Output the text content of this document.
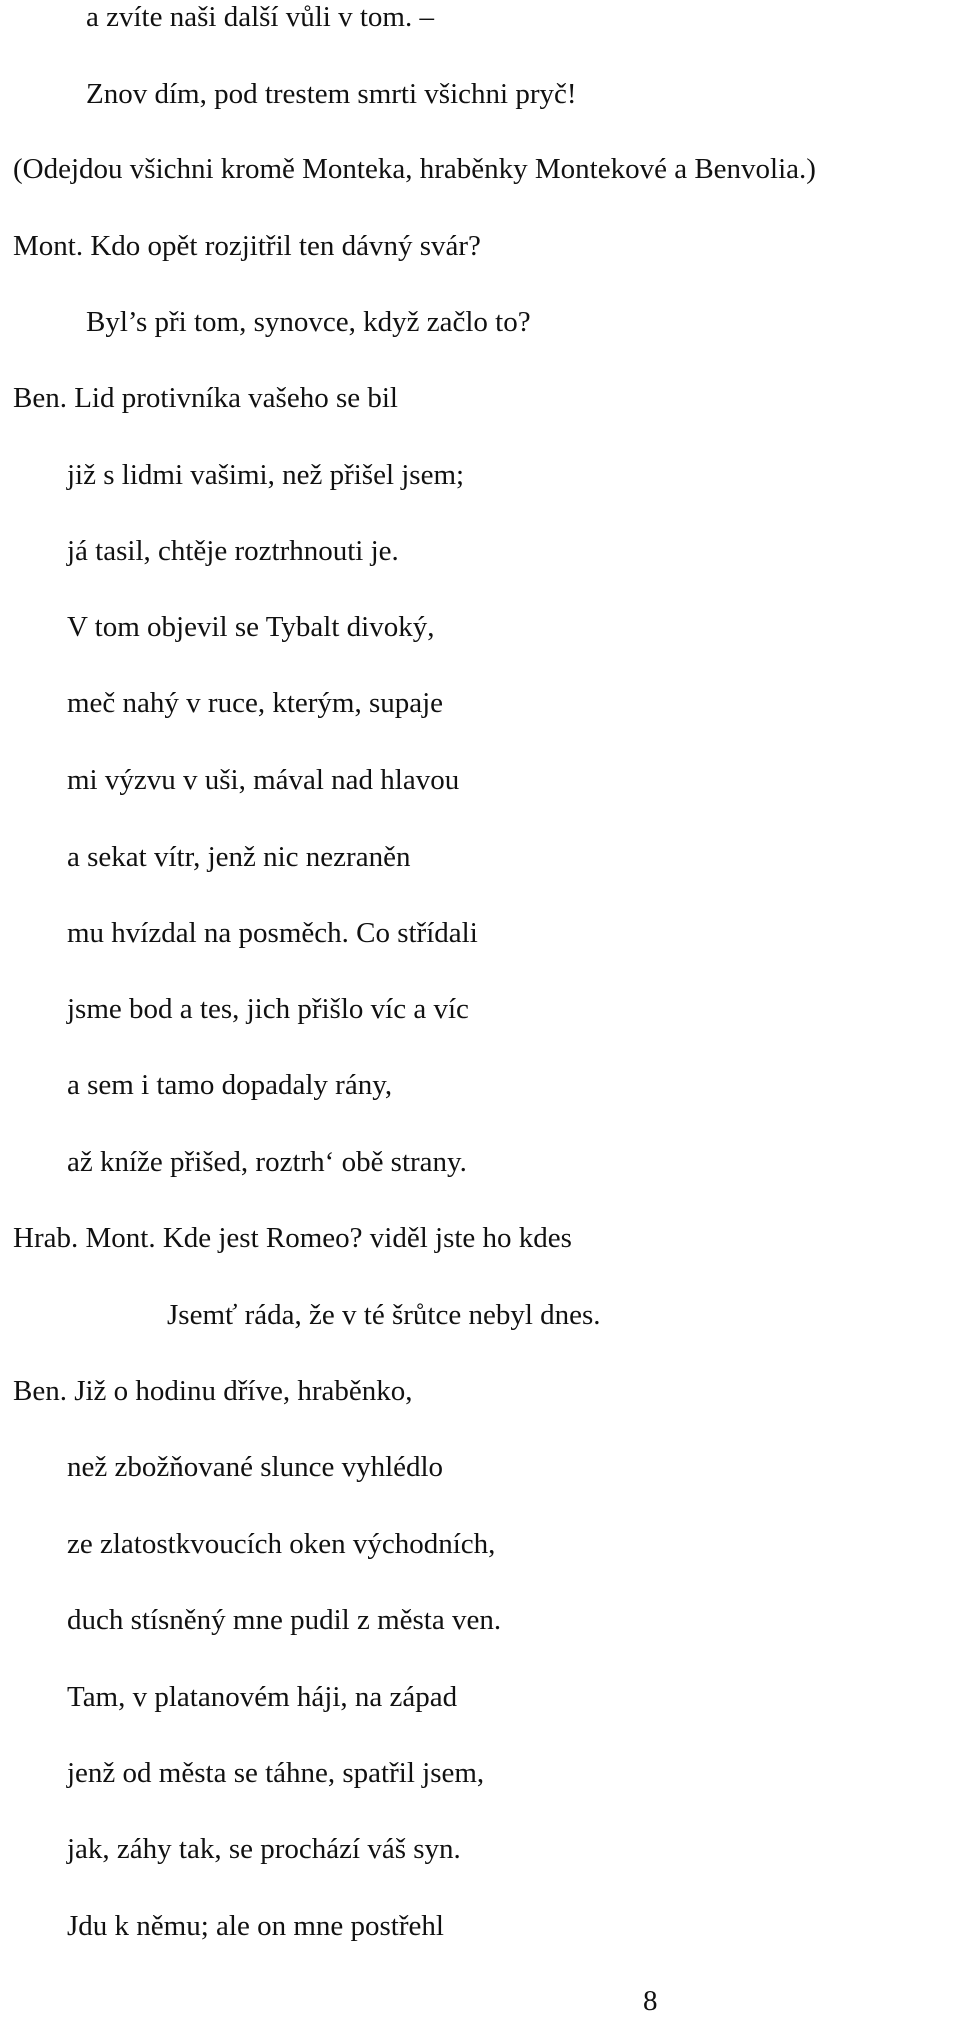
a zvíte naši další vůli v tom. –
Znov dím, pod trestem smrti všichni pryč!
(Odejdou všichni kromě Monteka, hraběnky Montekové a Benvolia.)
Mont. Kdo opět rozjitřil ten dávný svár?
Byl’s při tom, synovce, když začlo to?
Ben. Lid protivníka vašeho se bil
již s lidmi vašimi, než přišel jsem;
já tasil, chtěje roztrhnouti je.
V tom objevil se Tybalt divoký,
meč nahý v ruce, kterým, supaje
mi výzvu v uši, mával nad hlavou
a sekat vítr, jenž nic nezraněn
mu hvízdal na posměch. Co střídali
jsme bod a tes, jich přišlo víc a víc
a sem i tamo dopadaly rány,
až kníže přišed, roztrh‘ obě strany.
Hrab. Mont. Kde jest Romeo? viděl jste ho kdes
Jsemť ráda, že v té šrůtce nebyl dnes.
Ben. Již o hodinu dříve, hraběnko,
než zbožňované slunce vyhlédlo
ze zlatostkvoucích oken východních,
duch stísněný mne pudil z města ven.
Tam, v platanovém háji, na západ
jenž od města se táhne, spatřil jsem,
jak, záhy tak, se prochází váš syn.
Jdu k němu; ale on mne postřehl
8
